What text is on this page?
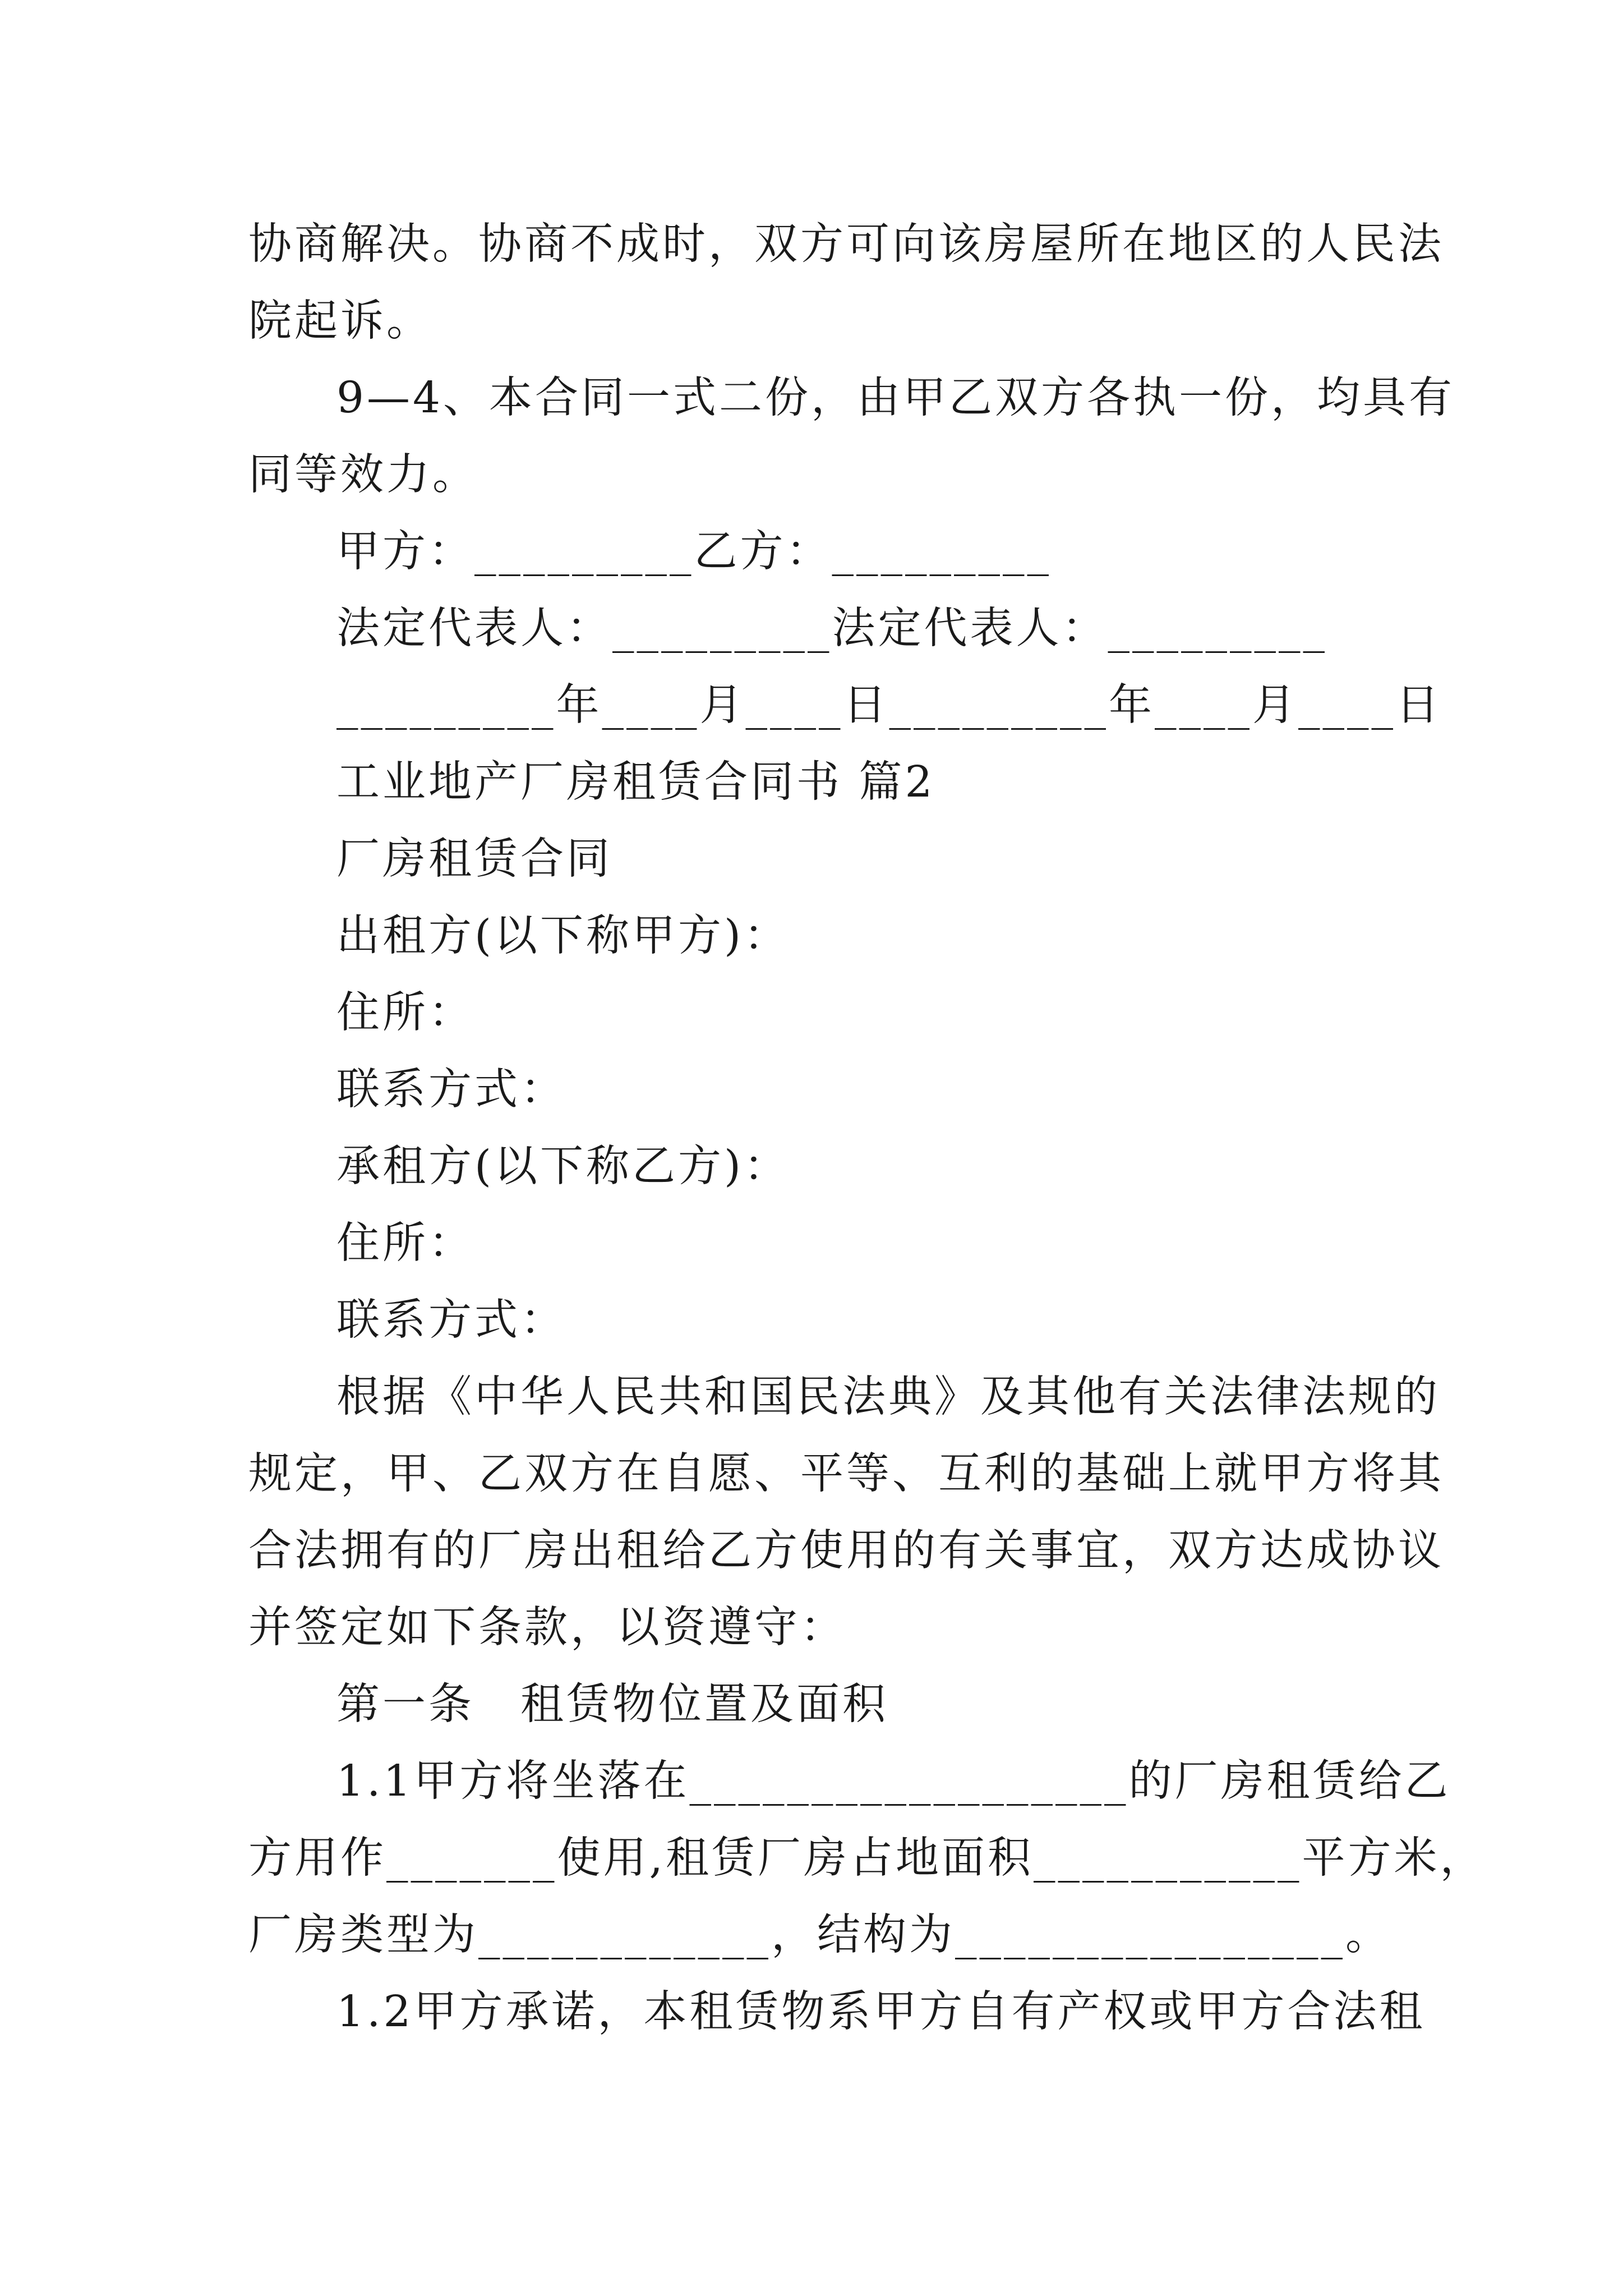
协商解决。协商不成时，双方可向该房屋所在地区的人民法

院起诉。

9—4、本合同一式二份，由甲乙双方各执一份，均具有

同等效力。

甲方：_________乙方：_________

法定代表人：_________法定代表人：_________

_________年____月____日_________年____月____日

工业地产厂房租赁合同书 篇2

厂房租赁合同

出租方(以下称甲方)：

住所：

联系方式：

承租方(以下称乙方)：

住所：

联系方式：

根据《中华人民共和国民法典》及其他有关法律法规的

规定，甲、乙双方在自愿、平等、互利的基础上就甲方将其

合法拥有的厂房出租给乙方使用的有关事宜，双方达成协议

并签定如下条款，以资遵守：

第一条　租赁物位置及面积

1.1甲方将坐落在__________________的厂房租赁给乙

方用作_______使用,租赁厂房占地面积___________平方米，

厂房类型为____________，结构为________________。

1.2甲方承诺，本租赁物系甲方自有产权或甲方合法租
